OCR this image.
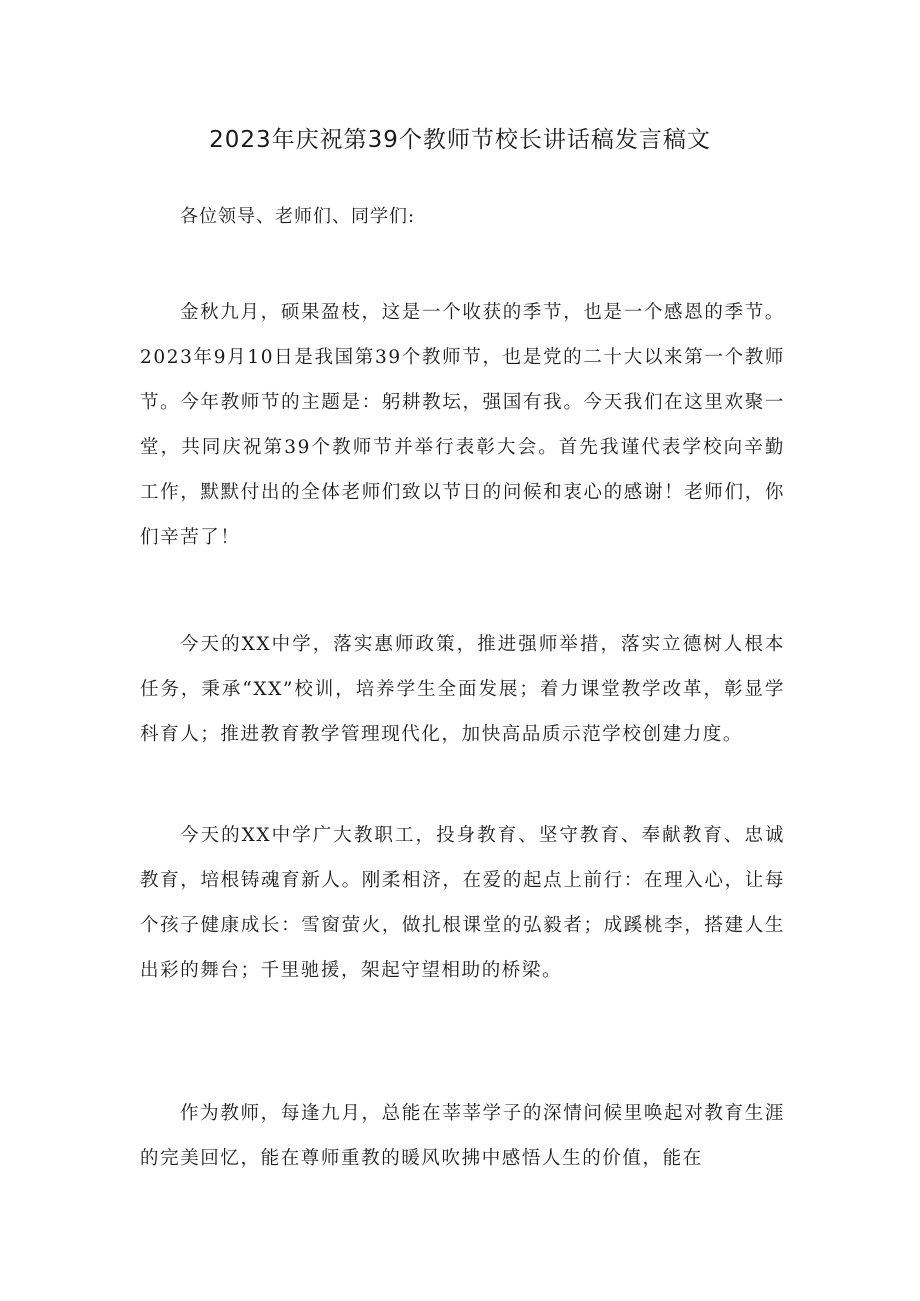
2023年庆祝第39个教师节校长讲话稿发言稿文

各位领导、老师们、同学们:

金秋九月，硕果盈枝，这是一个收获的季节，也是一个感恩的季节。2023年9月10日是我国第39个教师节，也是党的二十大以来第一个教师节。今年教师节的主题是：躬耕教坛，强国有我。今天我们在这里欢聚一堂，共同庆祝第39个教师节并举行表彰大会。首先我谨代表学校向辛勤工作，默默付出的全体老师们致以节日的问候和衷心的感谢！老师们，你们辛苦了！

今天的XX中学，落实惠师政策，推进强师举措，落实立德树人根本任务，秉承“XX”校训，培养学生全面发展；着力课堂教学改革，彰显学科育人；推进教育教学管理现代化，加快高品质示范学校创建力度。

今天的XX中学广大教职工，投身教育、坚守教育、奉献教育、忠诚教育，培根铸魂育新人。刚柔相济，在爱的起点上前行：在理入心，让每个孩子健康成长：雪窗萤火，做扎根课堂的弘毅者；成蹊桃李，搭建人生出彩的舞台；千里驰援，架起守望相助的桥梁。

作为教师，每逢九月，总能在莘莘学子的深情问候里唤起对教育生涯的完美回忆，能在尊师重教的暖风吹拂中感悟人生的价值，能在
